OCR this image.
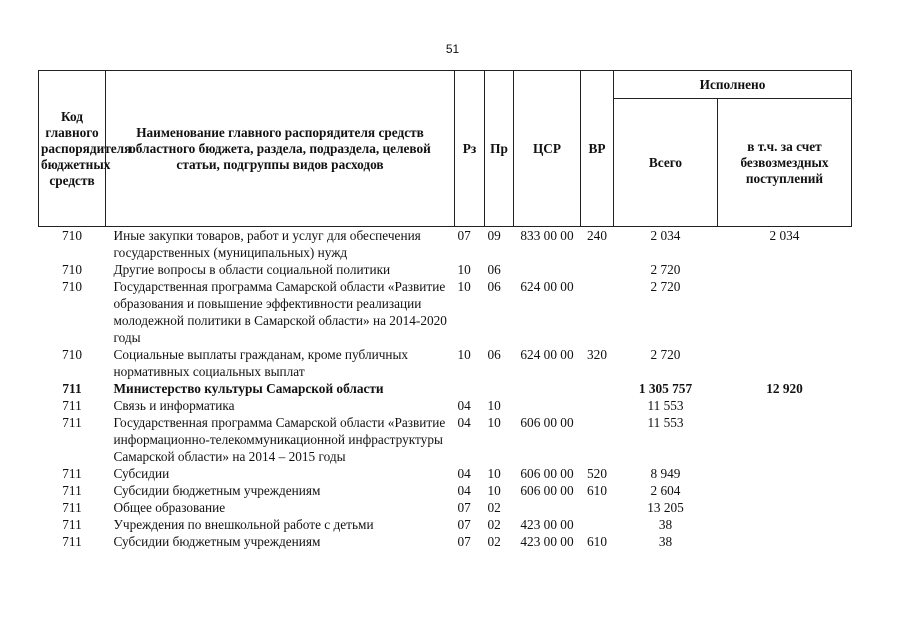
51
Код главного распорядителя бюджетных средств	Наименование главного распорядителя средств областного бюджета, раздела, подраздела, целевой статьи, подгруппы видов расходов	Рз	Пр	ЦСР	ВР	Исполнено	
						Всего	в т.ч. за счет безвозмездных поступлений
710	Иные закупки товаров, работ и услуг для обеспечения государственных (муниципальных) нужд	07	09	833 00 00	240	2 034	2 034
710	Другие вопросы в области социальной политики	10	06			2 720	
710	Государственная программа Самарской области «Развитие образования и повышение эффективности реализации молодежной политики в Самарской области» на 2014-2020 годы	10	06	624 00 00		2 720	
710	Социальные выплаты гражданам, кроме публичных нормативных социальных выплат	10	06	624 00 00	320	2 720	
711	Министерство культуры Самарской области					1 305 757	12 920
711	Связь и информатика	04	10			11 553	
711	Государственная программа Самарской области «Развитие информационно-телекоммуникационной инфраструктуры Самарской области» на 2014 – 2015 годы	04	10	606 00 00		11 553	
711	Субсидии	04	10	606 00 00	520	8 949	
711	Субсидии бюджетным учреждениям	04	10	606 00 00	610	2 604	
711	Общее образование	07	02			13 205	
711	Учреждения по внешкольной работе с детьми	07	02	423 00 00		38	
711	Субсидии бюджетным учреждениям	07	02	423 00 00	610	38	
